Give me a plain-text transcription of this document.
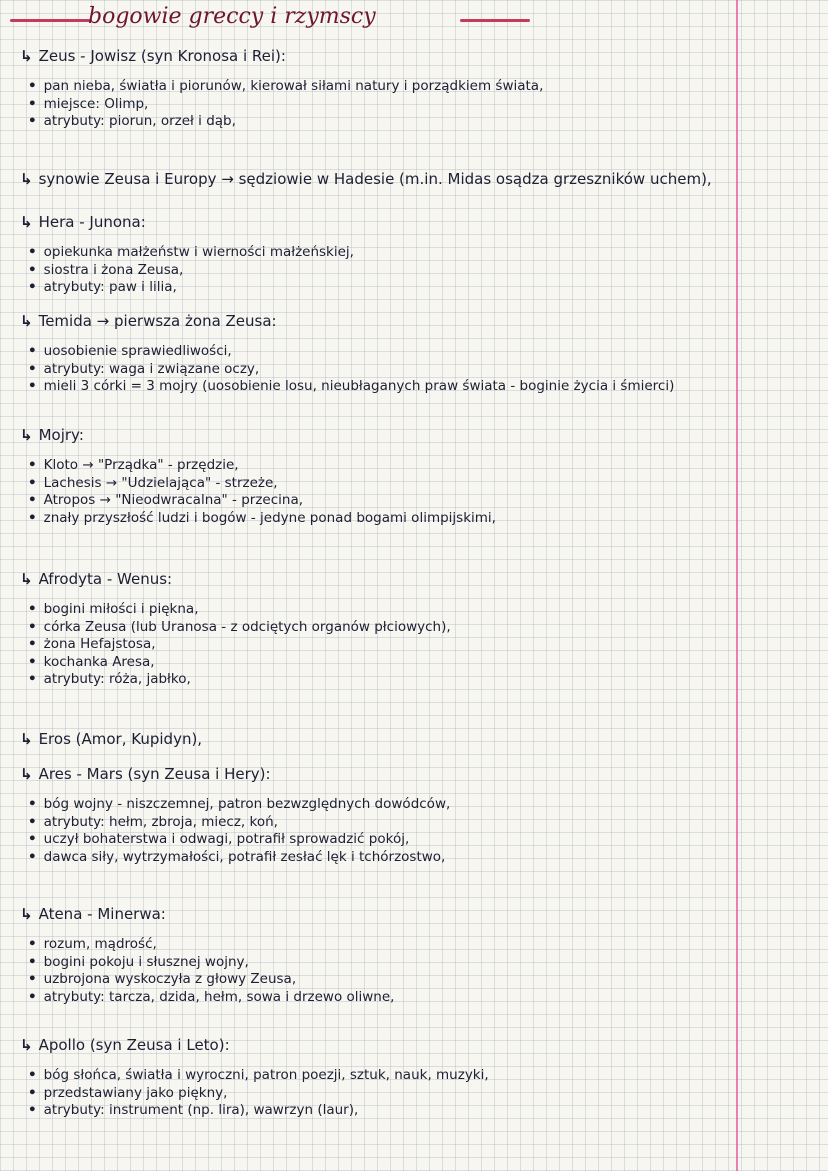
bogowie greccy i rzymscy
↳ Zeus - Jowisz (syn Kronosa i Rei):
• pan nieba, światła i piorunów, kierował siłami natury i porządkiem świata,
• miejsce: Olimp,
• atrybuty: piorun, orzeł i dąb,
↳ synowie Zeusa i Europy → sędziowie w Hadesie (m.in. Midas osądza grzeszników uchem),
↳ Hera - Junona:
• opiekunka małżeństw i wierności małżeńskiej,
• siostra i żona Zeusa,
• atrybuty: paw i lilia,
↳ Temida → pierwsza żona Zeusa:
• uosobienie sprawiedliwości,
• atrybuty: waga i związane oczy,
• mieli 3 córki = 3 mojry (uosobienie losu, nieubłaganych praw świata - boginie życia i śmierci)
↳ Mojry:
• Kloto → "Prządka" - przędzie,
• Lachesis → "Udzielająca" - strzeże,
• Atropos → "Nieodwracalna" - przecina,
• znały przyszłość ludzi i bogów - jedyne ponad bogami olimpijskimi,
↳ Afrodyta - Wenus:
• bogini miłości i piękna,
• córka Zeusa (lub Uranosa - z odciętych organów płciowych),
• żona Hefajstosa,
• kochanka Aresa,
• atrybuty: róża, jabłko,
↳ Eros (Amor, Kupidyn),
↳ Ares - Mars (syn Zeusa i Hery):
• bóg wojny - niszczemnej, patron bezwzględnych dowódców,
• atrybuty: hełm, zbroja, miecz, koń,
• uczył bohaterstwa i odwagi, potrafił sprowadzić pokój,
• dawca siły, wytrzymałości, potrafił zesłać lęk i tchórzostwo,
↳ Atena - Minerwa:
• rozum, mądrość,
• bogini pokoju i słusznej wojny,
• uzbrojona wyskoczyła z głowy Zeusa,
• atrybuty: tarcza, dzida, hełm, sowa i drzewo oliwne,
↳ Apollo (syn Zeusa i Leto):
• bóg słońca, światła i wyroczni, patron poezji, sztuk, nauk, muzyki,
• przedstawiany jako piękny,
• atrybuty: instrument (np. lira), wawrzyn (laur),
